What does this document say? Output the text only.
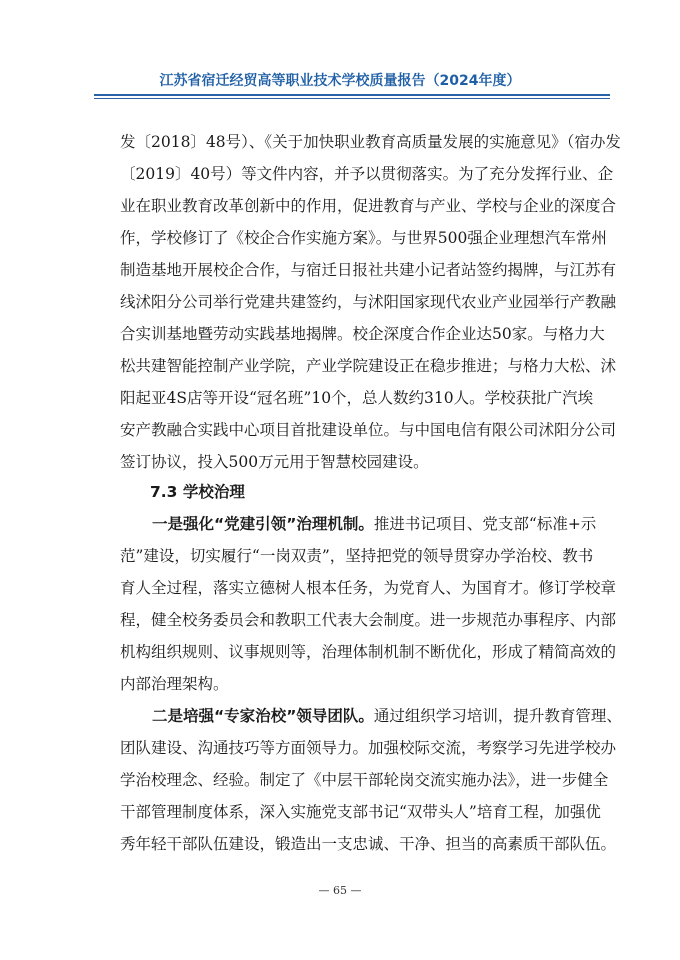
江苏省宿迁经贸高等职业技术学校质量报告（2024年度）
发〔2018〕48号）、《关于加快职业教育高质量发展的实施意见》（宿办发
〔2019〕40号）等文件内容，并予以贯彻落实。为了充分发挥行业、企
业在职业教育改革创新中的作用，促进教育与产业、学校与企业的深度合
作，学校修订了《校企合作实施方案》。与世界500强企业理想汽车常州
制造基地开展校企合作，与宿迁日报社共建小记者站签约揭牌，与江苏有
线沭阳分公司举行党建共建签约，与沭阳国家现代农业产业园举行产教融
合实训基地暨劳动实践基地揭牌。校企深度合作企业达50家。与格力大
松共建智能控制产业学院，产业学院建设正在稳步推进；与格力大松、沭
阳起亚4S店等开设“冠名班”10个，总人数约310人。学校获批广汽埃
安产教融合实践中心项目首批建设单位。与中国电信有限公司沭阳分公司
签订协议，投入500万元用于智慧校园建设。
7.3 学校治理
一是强化“党建引领”治理机制。推进书记项目、党支部“标准+示
范”建设，切实履行“一岗双责”，坚持把党的领导贯穿办学治校、教书
育人全过程，落实立德树人根本任务，为党育人、为国育才。修订学校章
程，健全校务委员会和教职工代表大会制度。进一步规范办事程序、内部
机构组织规则、议事规则等，治理体制机制不断优化，形成了精简高效的
内部治理架构。
二是培强“专家治校”领导团队。通过组织学习培训，提升教育管理、
团队建设、沟通技巧等方面领导力。加强校际交流，考察学习先进学校办
学治校理念、经验。制定了《中层干部轮岗交流实施办法》，进一步健全
干部管理制度体系，深入实施党支部书记“双带头人”培育工程，加强优
秀年轻干部队伍建设，锻造出一支忠诚、干净、担当的高素质干部队伍。
— 65 —
